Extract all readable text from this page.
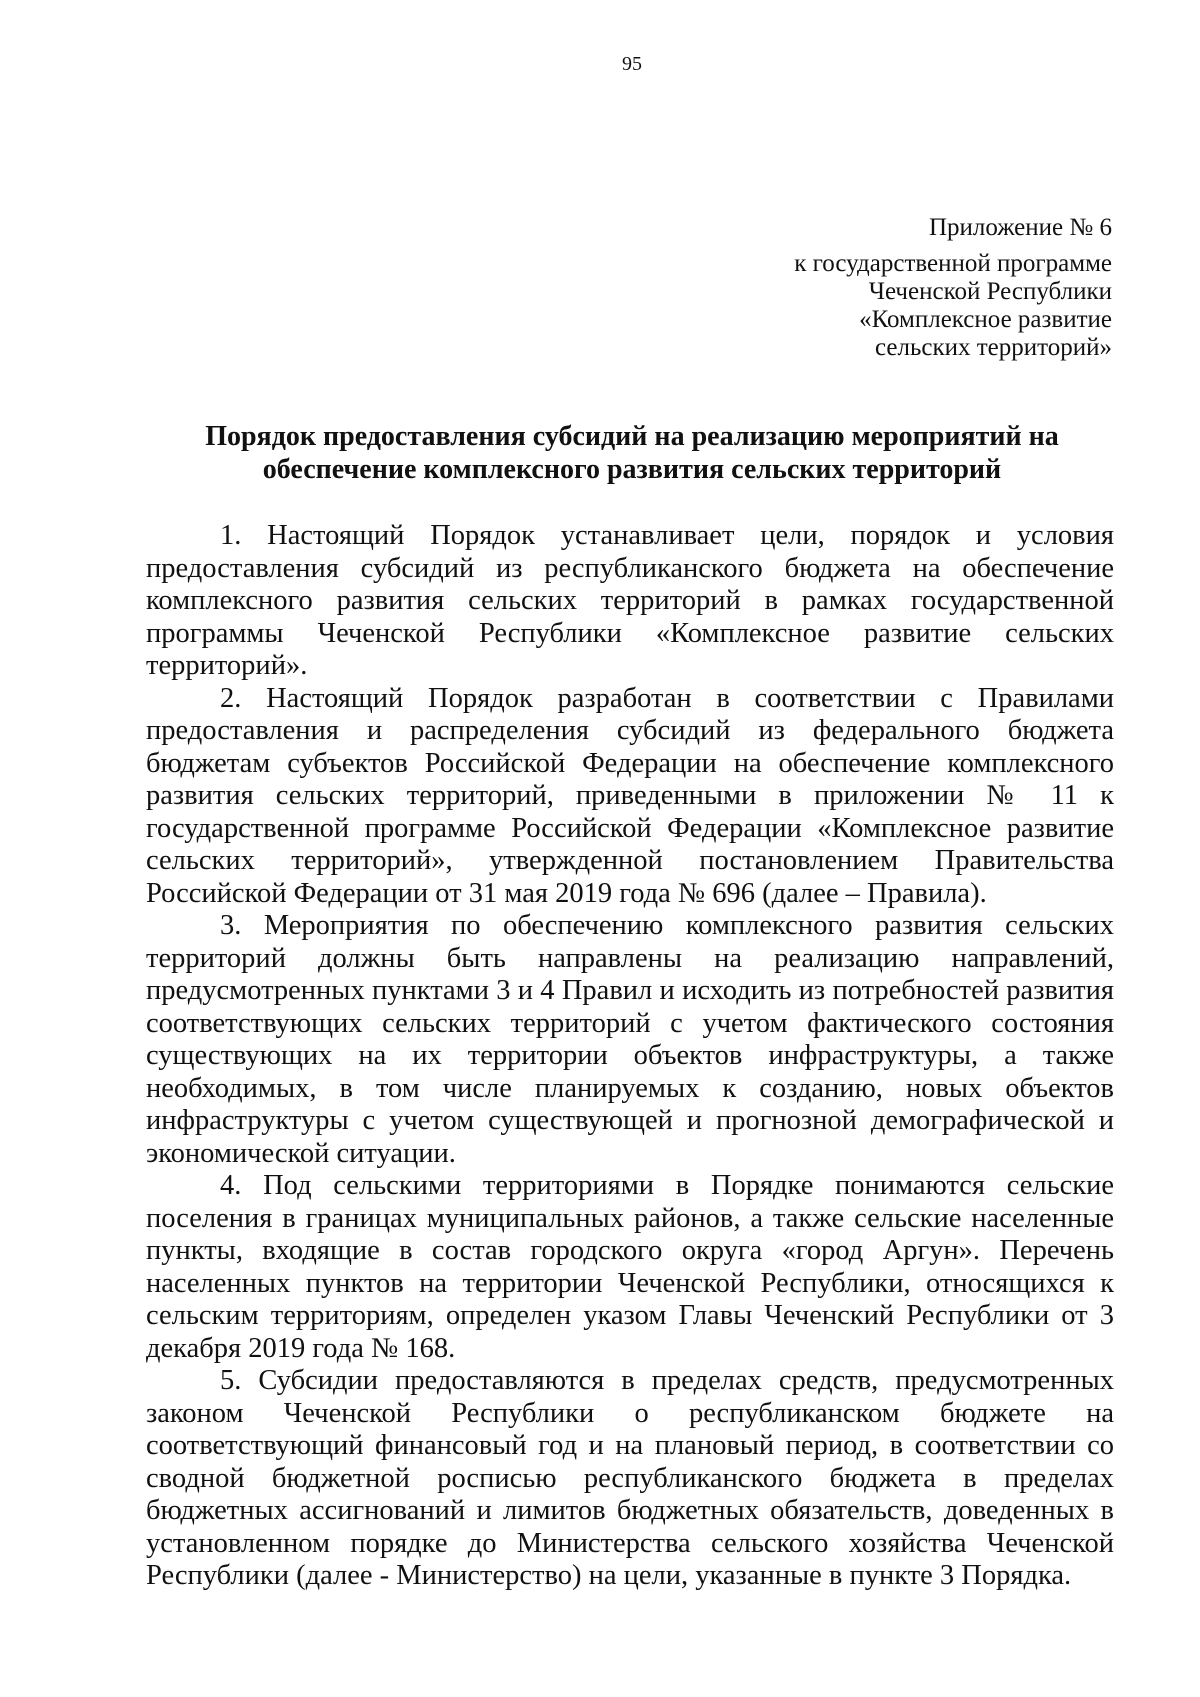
95
Приложение № 6
к государственной программе
Чеченской Республики
«Комплексное развитие
сельских территорий»
Порядок предоставления субсидий на реализацию мероприятий на
обеспечение комплексного развития сельских территорий

1. Настоящий Порядок устанавливает цели, порядок и условия предоставления субсидий из республиканского бюджета на обеспечение комплексного развития сельских территорий в рамках государственной программы Чеченской Республики «Комплексное развитие сельских территорий».

2. Настоящий Порядок разработан в соответствии с Правилами предоставления и распределения субсидий из федерального бюджета бюджетам субъектов Российской Федерации на обеспечение комплексного развития сельских территорий, приведенными в приложении № 11 к государственной программе Российской Федерации «Комплексное развитие сельских территорий», утвержденной постановлением Правительства Российской Федерации от 31 мая 2019 года № 696 (далее – Правила).

3. Мероприятия по обеспечению комплексного развития сельских территорий должны быть направлены на реализацию направлений, предусмотренных пунктами 3 и 4 Правил и исходить из потребностей развития соответствующих сельских территорий с учетом фактического состояния существующих на их территории объектов инфраструктуры, а также необходимых, в том числе планируемых к созданию, новых объектов инфраструктуры с учетом существующей и прогнозной демографической и экономической ситуации.

4. Под сельскими территориями в Порядке понимаются сельские поселения в границах муниципальных районов, а также сельские населенные пункты, входящие в состав городского округа «город Аргун». Перечень населенных пунктов на территории Чеченской Республики, относящихся к сельским территориям, определен указом Главы Чеченский Республики от 3 декабря 2019 года № 168.

5. Субсидии предоставляются в пределах средств, предусмотренных законом Чеченской Республики о республиканском бюджете на соответствующий финансовый год и на плановый период, в соответствии со сводной бюджетной росписью республиканского бюджета в пределах бюджетных ассигнований и лимитов бюджетных обязательств, доведенных в установленном порядке до Министерства сельского хозяйства Чеченской Республики (далее - Министерство) на цели, указанные в пункте 3 Порядка.
